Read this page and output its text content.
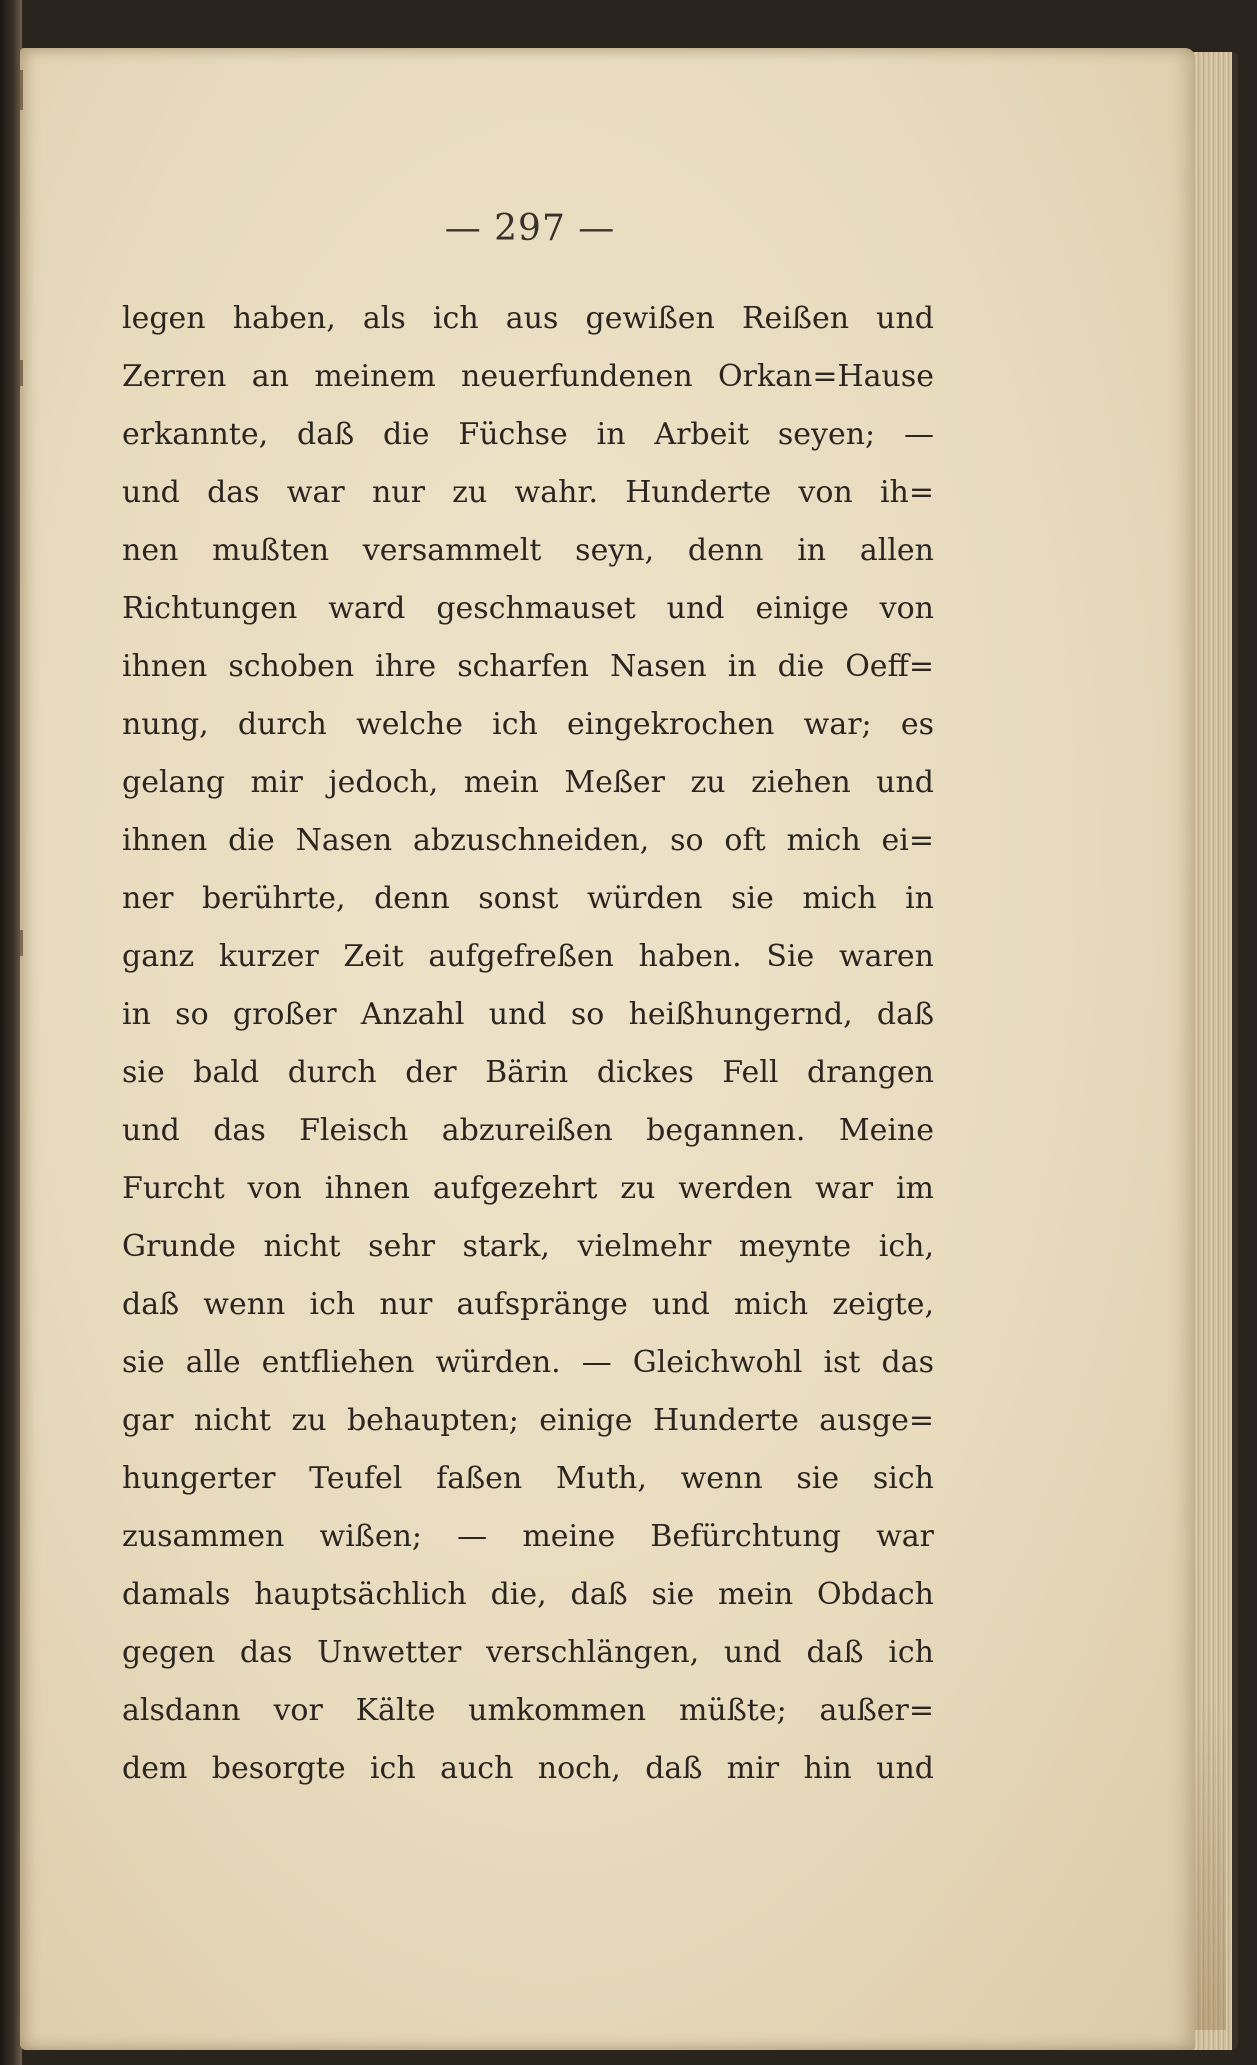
— 297 —
legen haben, als ich aus gewißen Reißen und
Zerren an meinem neuerfundenen Orkan=Hause
erkannte, daß die Füchse in Arbeit seyen; —
und das war nur zu wahr. Hunderte von ih=
nen mußten versammelt seyn, denn in allen
Richtungen ward geschmauset und einige von
ihnen schoben ihre scharfen Nasen in die Oeff=
nung, durch welche ich eingekrochen war; es
gelang mir jedoch, mein Meßer zu ziehen und
ihnen die Nasen abzuschneiden, so oft mich ei=
ner berührte, denn sonst würden sie mich in
ganz kurzer Zeit aufgefreßen haben. Sie waren
in so großer Anzahl und so heißhungernd, daß
sie bald durch der Bärin dickes Fell drangen
und das Fleisch abzureißen begannen. Meine
Furcht von ihnen aufgezehrt zu werden war im
Grunde nicht sehr stark, vielmehr meynte ich,
daß wenn ich nur aufspränge und mich zeigte,
sie alle entfliehen würden. — Gleichwohl ist das
gar nicht zu behaupten; einige Hunderte ausge=
hungerter Teufel faßen Muth, wenn sie sich
zusammen wißen; — meine Befürchtung war
damals hauptsächlich die, daß sie mein Obdach
gegen das Unwetter verschlängen, und daß ich
alsdann vor Kälte umkommen müßte; außer=
dem besorgte ich auch noch, daß mir hin und
